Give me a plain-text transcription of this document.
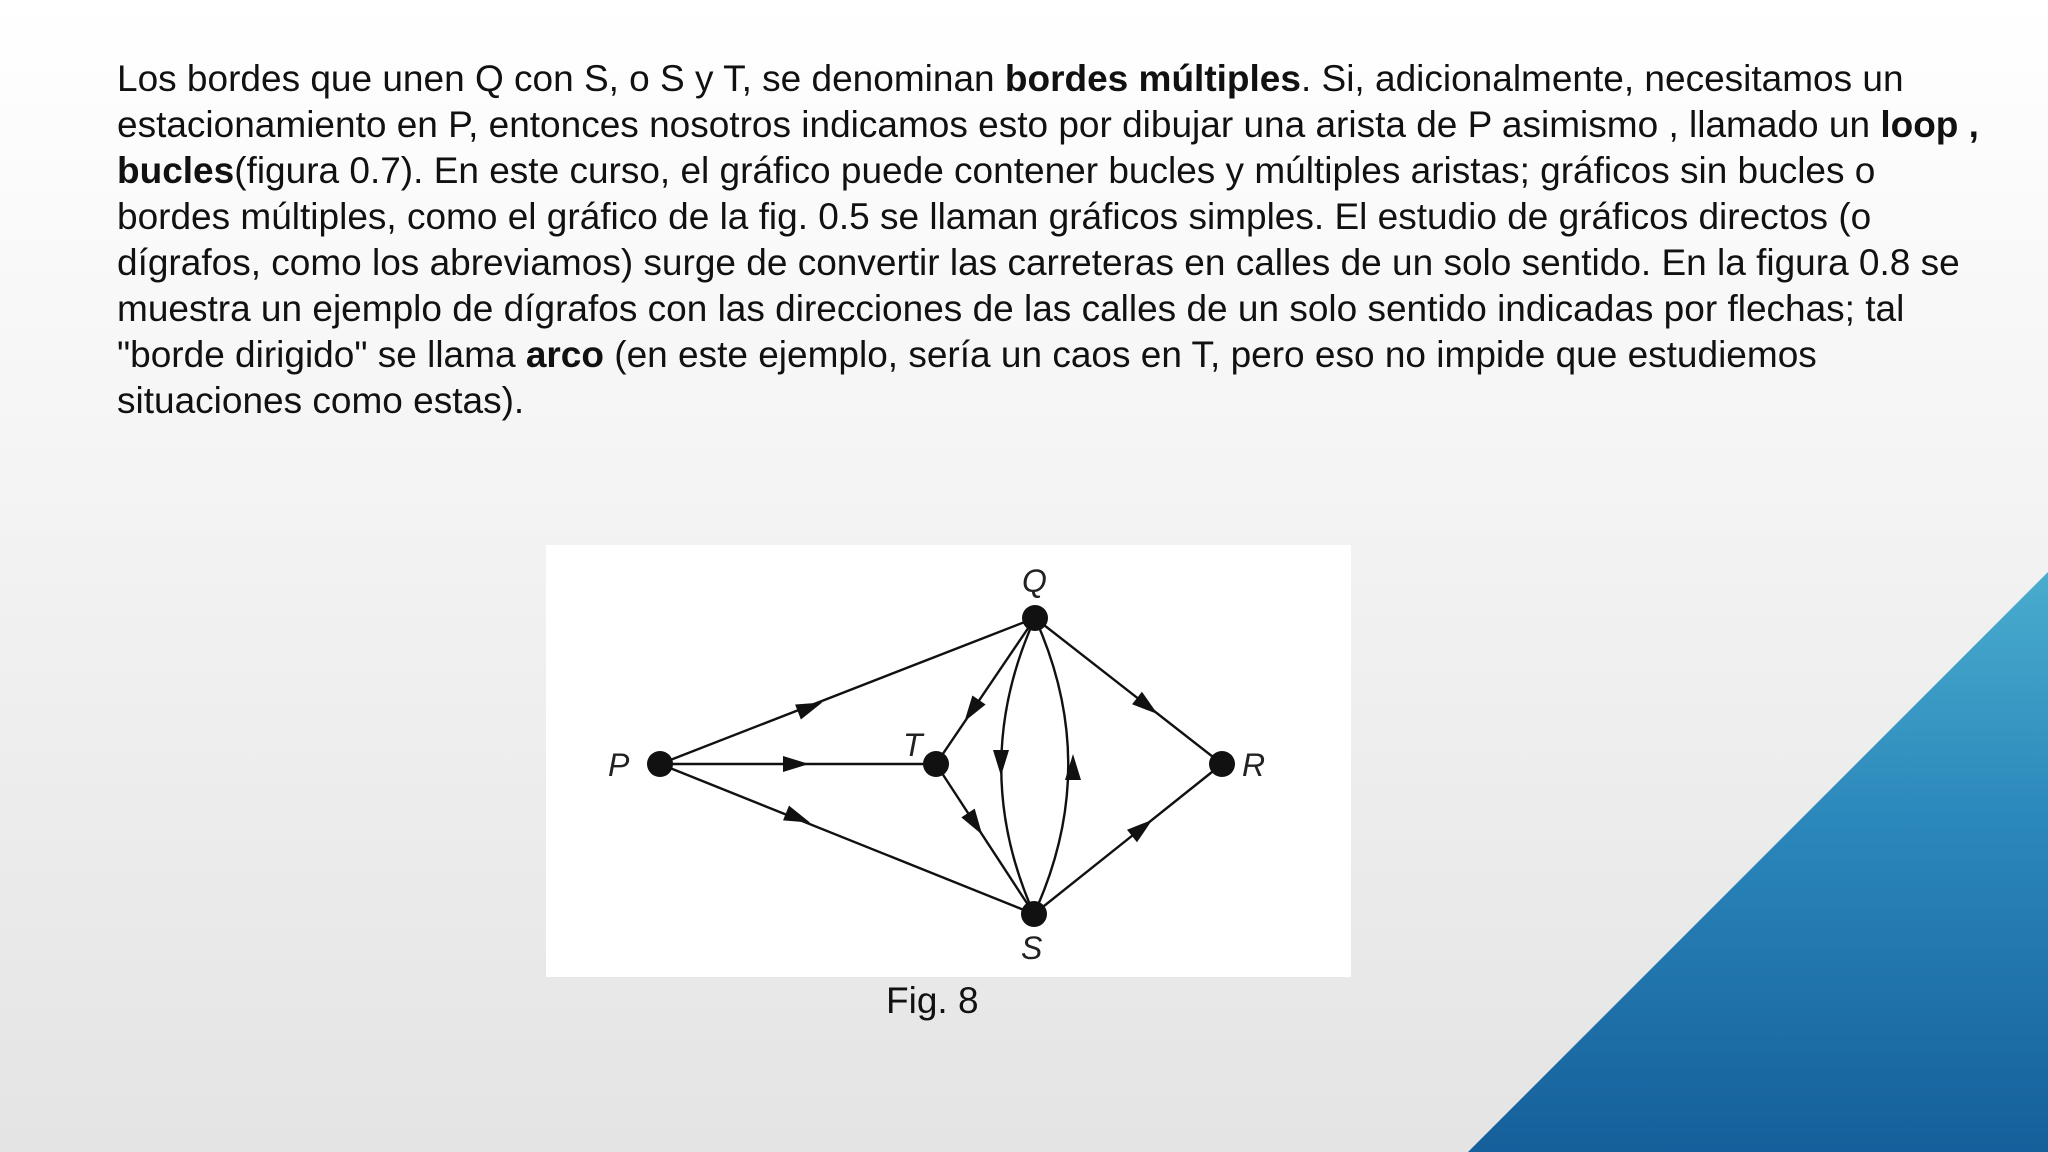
Los bordes que unen Q con S, o S y T, se denominan bordes múltiples. Si, adicionalmente, necesitamos un estacionamiento en P, entonces nosotros indicamos esto por dibujar una arista de P asimismo , llamado un loop , bucles(figura 0.7). En este curso, el gráfico puede contener bucles y múltiples aristas; gráficos sin bucles o bordes múltiples, como el gráfico de la fig. 0.5 se llaman gráficos simples. El estudio de gráficos directos (o dígrafos, como los abreviamos) surge de convertir las carreteras en calles de un solo sentido. En la figura 0.8 se muestra un ejemplo de dígrafos con las direcciones de las calles de un solo sentido indicadas por flechas; tal "borde dirigido" se llama arco (en este ejemplo, sería un caos en T, pero eso no impide que estudiemos situaciones como estas).
P
T
Q
S
R
Fig. 8
